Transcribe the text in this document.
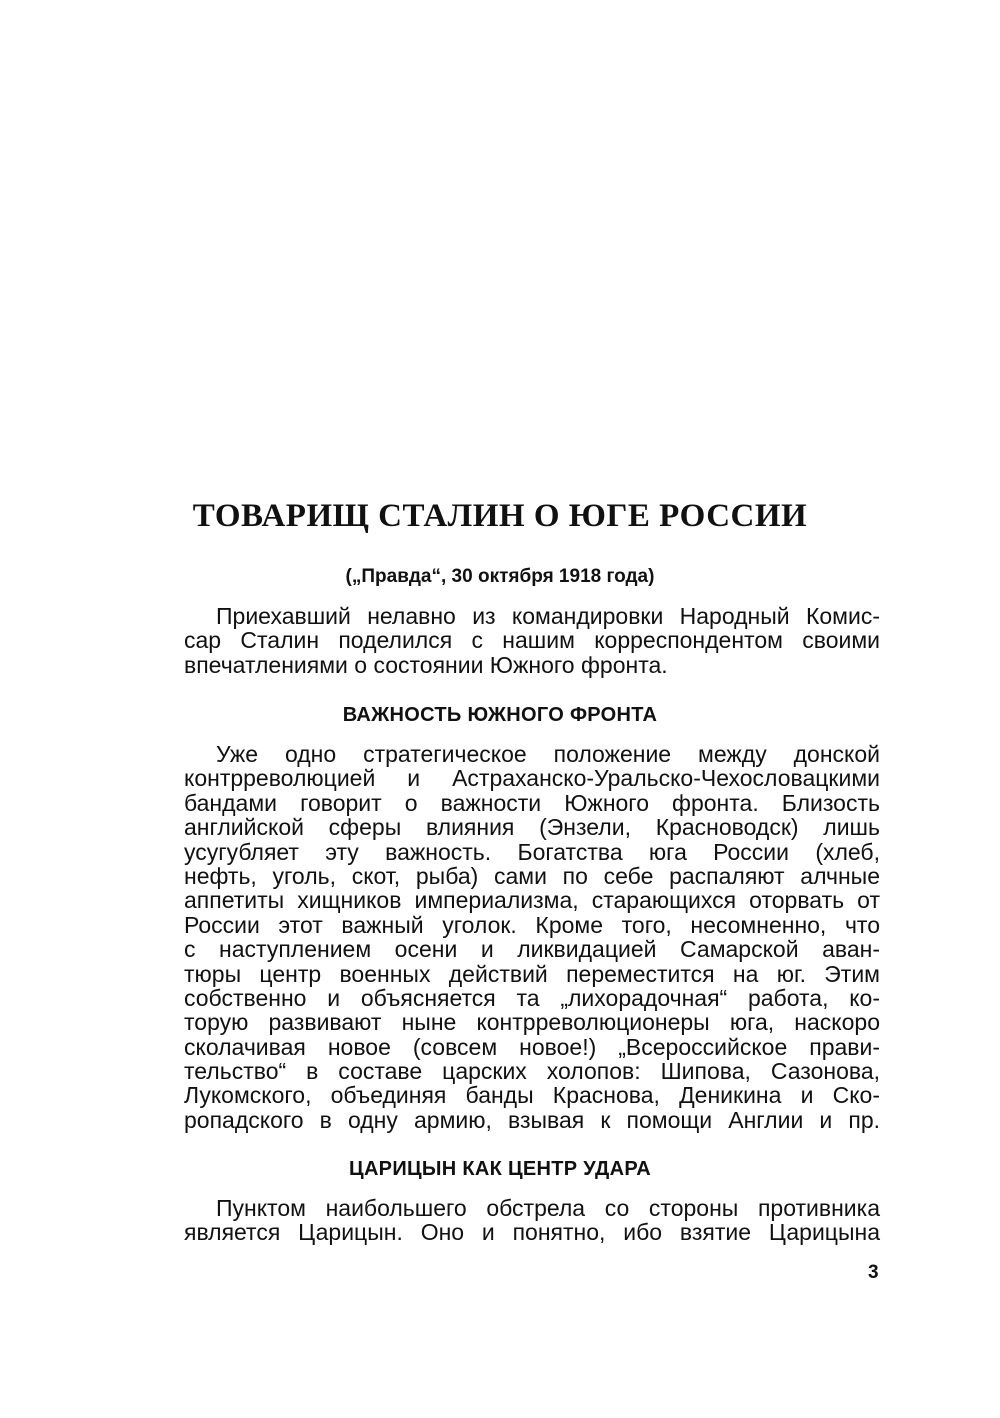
ТОВАРИЩ СТАЛИН О ЮГЕ РОССИИ

(„Правда“, 30 октября 1918 года)

Приехавший нелавно из командировки Народный Комис-
сар Сталин поделился с нашим корреспондентом своими
впечатлениями о состоянии Южного фронта.
ВАЖНОСТЬ ЮЖНОГО ФРОНТА
Уже одно стратегическое положение между донской
контрреволюцией и Астраханско-Уральско-Чехословацкими
бандами говорит о важности Южного фронта. Близость
английской сферы влияния (Энзели, Красноводск) лишь
усугубляет эту важность. Богатства юга России (хлеб,
нефть, уголь, скот, рыба) сами по себе распаляют алчные
аппетиты хищников империализма, старающихся оторвать от
России этот важный уголок. Кроме того, несомненно, что
с наступлением осени и ликвидацией Самарской аван-
тюры центр военных действий переместится на юг. Этим
собственно и объясняется та „лихорадочная“ работа, ко-
торую развивают ныне контрреволюционеры юга, наскоро
сколачивая новое (совсем новое!) „Всероссийское прави-
тельство“ в составе царских холопов: Шипова, Сазонова,
Лукомского, объединяя банды Краснова, Деникина и Ско-
ропадского в одну армию, взывая к помощи Англии и пр.
ЦАРИЦЫН КАК ЦЕНТР УДАРА
Пунктом наибольшего обстрела со стороны противника
является Царицын. Оно и понятно, ибо взятие Царицына
3
